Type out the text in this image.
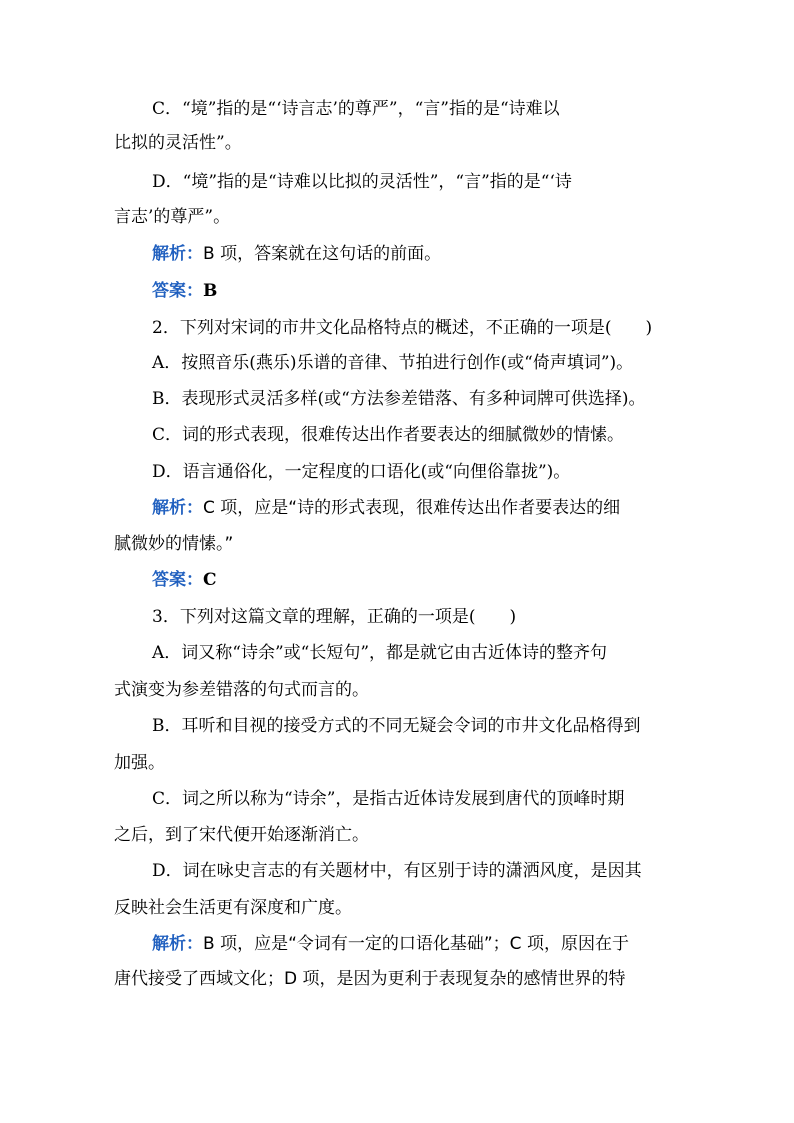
C．“境”指的是“‘诗言志’的尊严”，“言”指的是“诗难以
比拟的灵活性”。
D．“境”指的是“诗难以比拟的灵活性”，“言”指的是“‘诗
言志’的尊严”。
解析：B 项，答案就在这句话的前面。
答案：B
2．下列对宋词的市井文化品格特点的概述，不正确的一项是(　　)
A．按照音乐(燕乐)乐谱的音律、节拍进行创作(或“倚声填词”)。
B．表现形式灵活多样(或“方法参差错落、有多种词牌可供选择)。
C．词的形式表现，很难传达出作者要表达的细腻微妙的情愫。
D．语言通俗化，一定程度的口语化(或“向俚俗靠拢”)。
解析：C 项，应是“诗的形式表现，很难传达出作者要表达的细
腻微妙的情愫。”
答案：C
3．下列对这篇文章的理解，正确的一项是(　　)
A．词又称“诗余”或“长短句”，都是就它由古近体诗的整齐句
式演变为参差错落的句式而言的。
B．耳听和目视的接受方式的不同无疑会令词的市井文化品格得到
加强。
C．词之所以称为“诗余”，是指古近体诗发展到唐代的顶峰时期
之后，到了宋代便开始逐渐消亡。
D．词在咏史言志的有关题材中，有区别于诗的潇洒风度，是因其
反映社会生活更有深度和广度。
解析：B 项，应是“令词有一定的口语化基础”；C 项，原因在于
唐代接受了西域文化；D 项，是因为更利于表现复杂的感情世界的特
